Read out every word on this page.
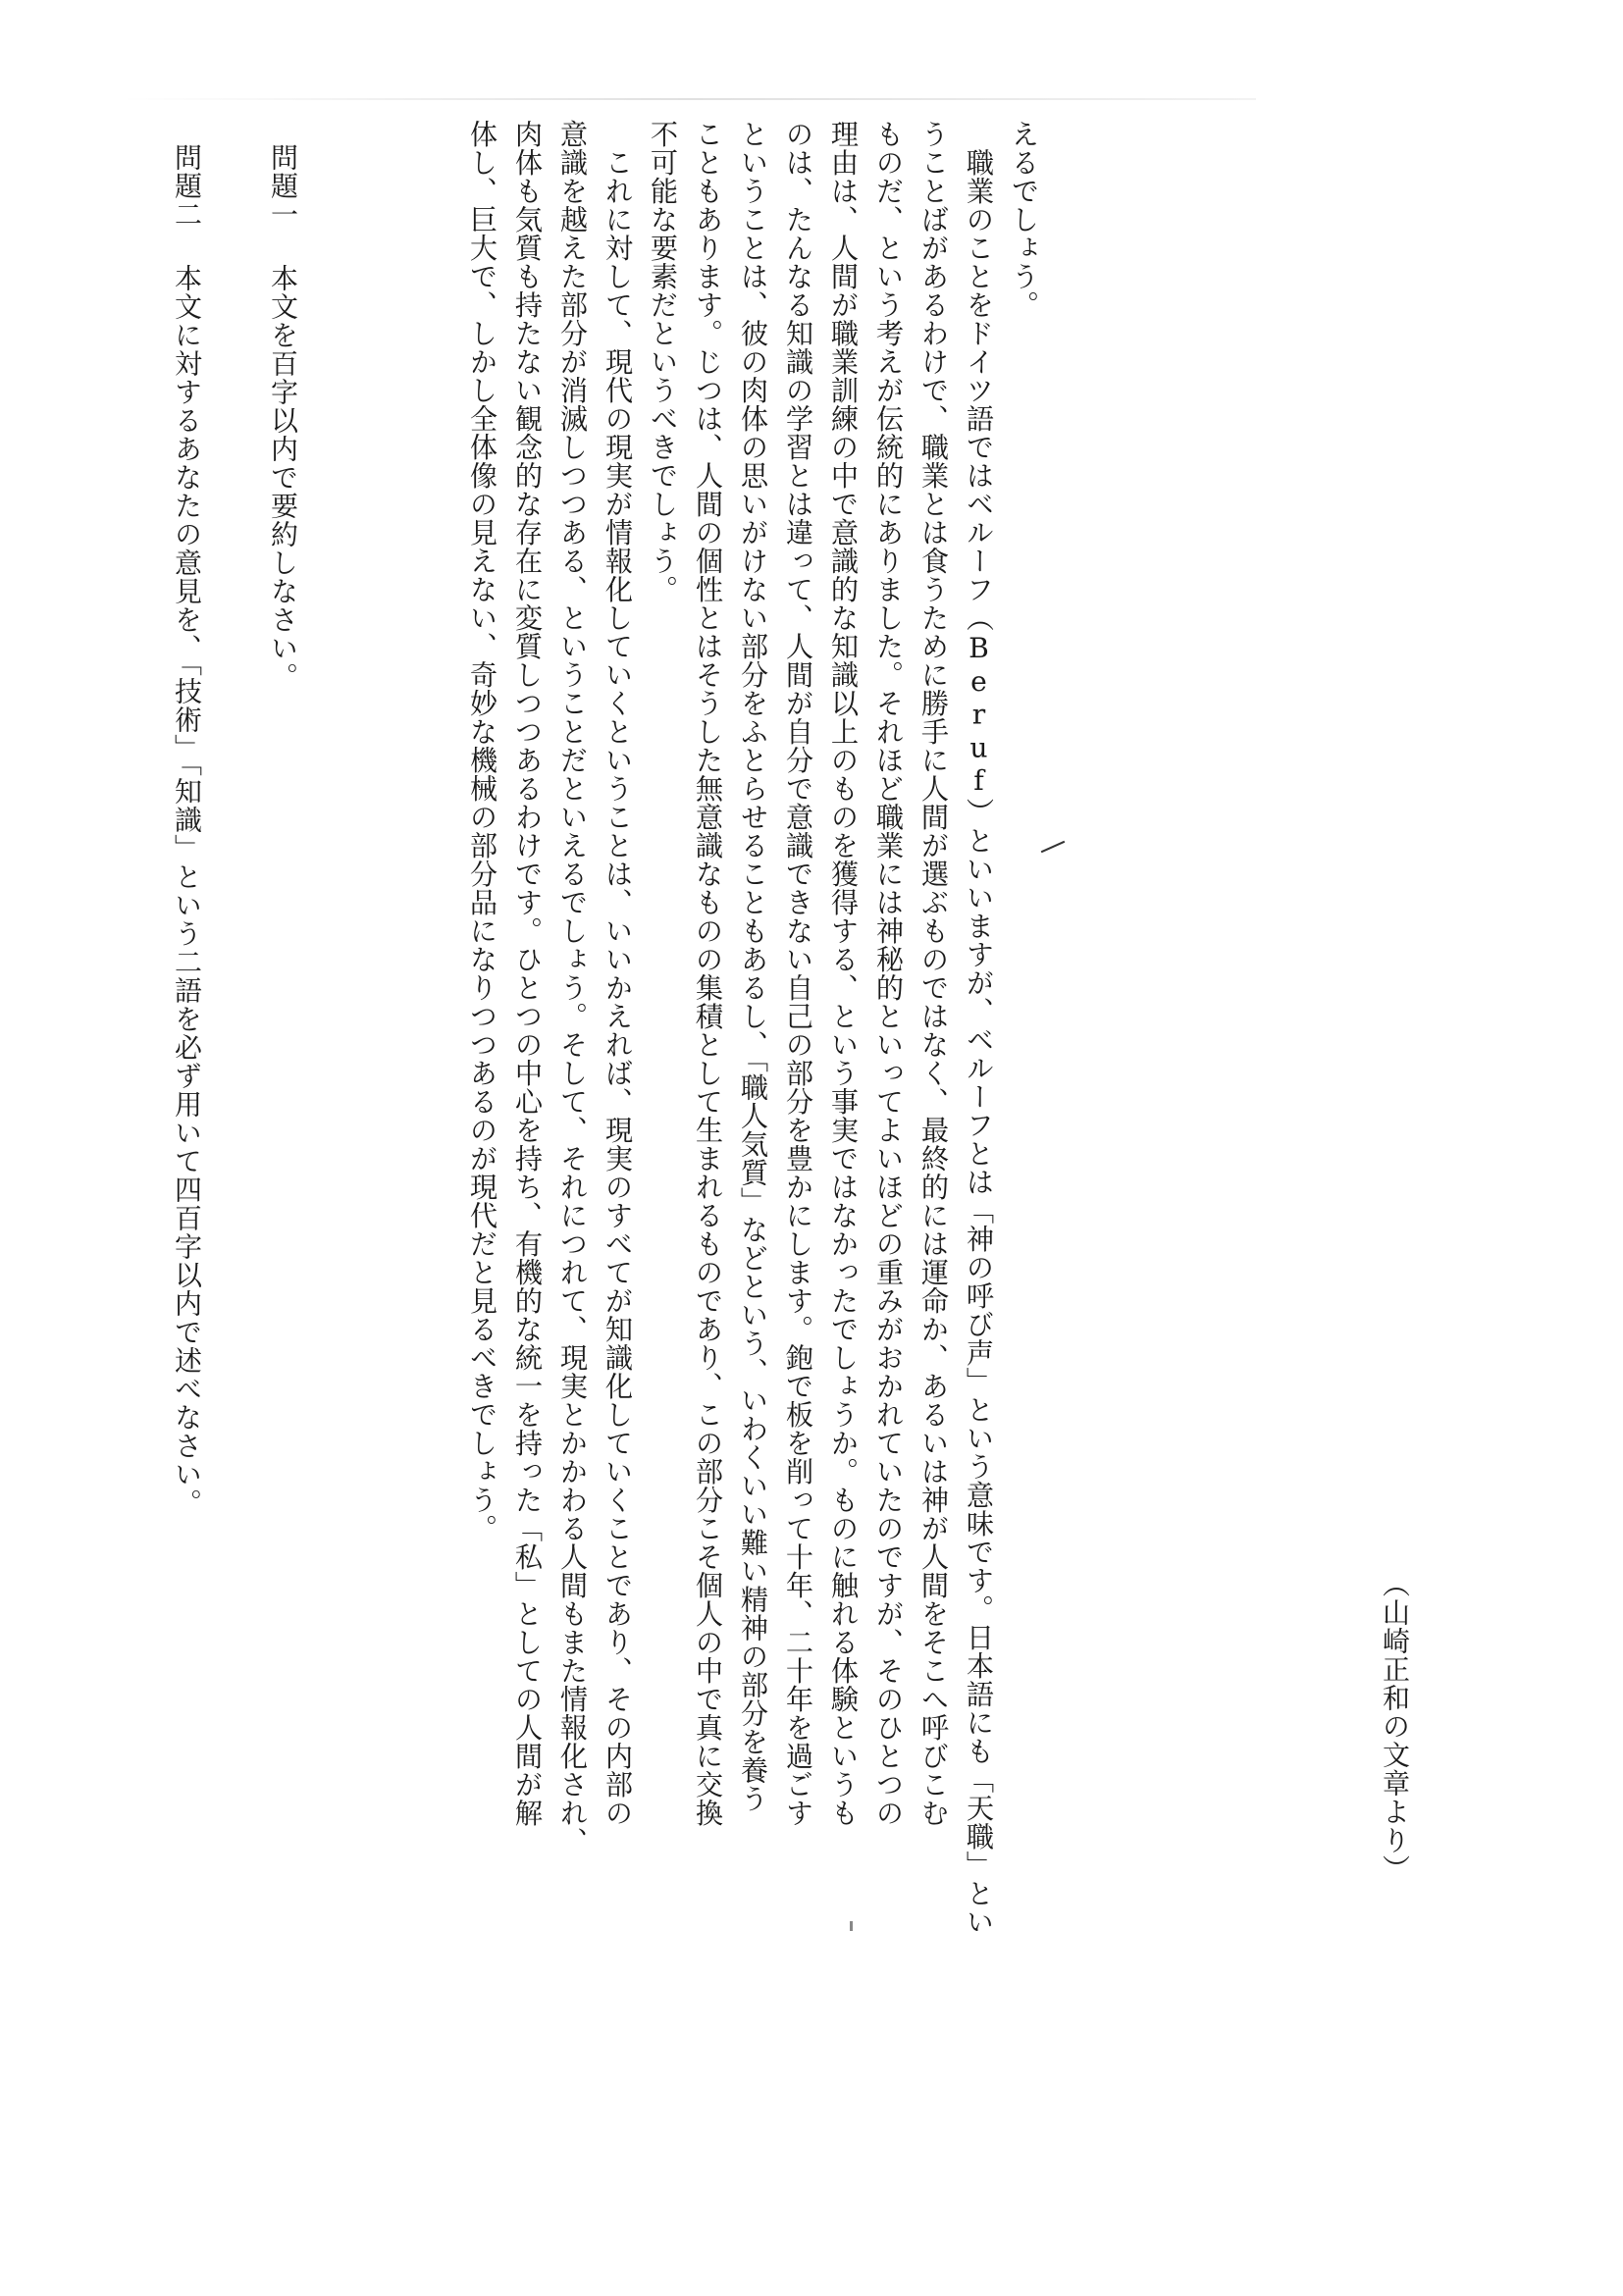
えるでしょう。

　職業のことをドイツ語ではベルーフ（Beruf）といいますが、ベルーフとは「神の呼び声」という意味です。日本語にも「天職」とい

うことばがあるわけで、職業とは食うために勝手に人間が選ぶものではなく、最終的には運命か、あるいは神が人間をそこへ呼びこむ

ものだ、という考えが伝統的にありました。それほど職業には神秘的といってよいほどの重みがおかれていたのですが、そのひとつの

理由は、人間が職業訓練の中で意識的な知識以上のものを獲得する、という事実ではなかったでしょうか。ものに触れる体験というも

のは、たんなる知識の学習とは違って、人間が自分で意識できない自己の部分を豊かにします。鉋で板を削って十年、二十年を過ごす

ということは、彼の肉体の思いがけない部分をふとらせることもあるし、「職人気質」などという、いわくいい難い精神の部分を養う

こともあります。じつは、人間の個性とはそうした無意識なものの集積として生まれるものであり、この部分こそ個人の中で真に交換

不可能な要素だというべきでしょう。

　これに対して、現代の現実が情報化していくということは、いいかえれば、現実のすべてが知識化していくことであり、その内部の

意識を越えた部分が消滅しつつある、ということだといえるでしょう。そして、それにつれて、現実とかかわる人間もまた情報化され、

肉体も気質も持たない観念的な存在に変質しつつあるわけです。ひとつの中心を持ち、有機的な統一を持った「私」としての人間が解

体し、巨大で、しかし全体像の見えない、奇妙な機械の部分品になりつつあるのが現代だと見るべきでしょう。

（山崎正和の文章より）
問題一本文を百字以内で要約しなさい。
問題二本文に対するあなたの意見を、「技術」「知識」という二語を必ず用いて四百字以内で述べなさい。
